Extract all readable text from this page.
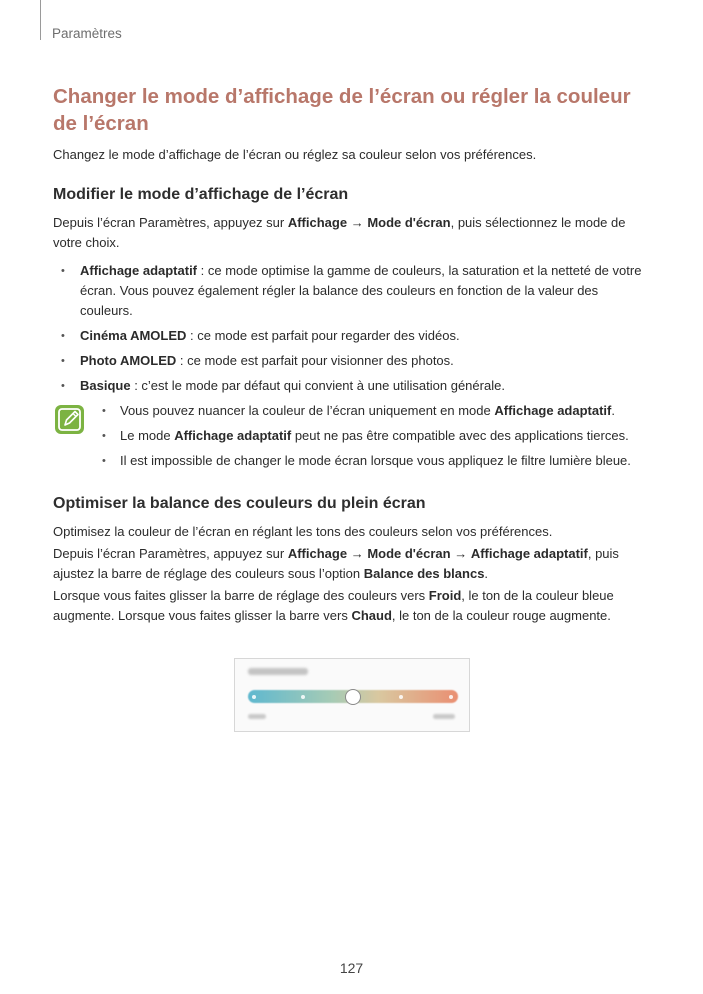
Paramètres
Changer le mode d’affichage de l’écran ou régler la couleur de l’écran

Changez le mode d’affichage de l’écran ou réglez sa couleur selon vos préférences.

Modifier le mode d’affichage de l’écran

Depuis l’écran Paramètres, appuyez sur Affichage → Mode d'écran, puis sélectionnez le mode de votre choix.

• Affichage adaptatif : ce mode optimise la gamme de couleurs, la saturation et la netteté de votre écran. Vous pouvez également régler la balance des couleurs en fonction de la valeur des couleurs.
• Cinéma AMOLED : ce mode est parfait pour regarder des vidéos.
• Photo AMOLED : ce mode est parfait pour visionner des photos.
• Basique : c’est le mode par défaut qui convient à une utilisation générale.
• Vous pouvez nuancer la couleur de l’écran uniquement en mode Affichage adaptatif.
• Le mode Affichage adaptatif peut ne pas être compatible avec des applications tierces.
• Il est impossible de changer le mode écran lorsque vous appliquez le filtre lumière bleue.
Optimiser la balance des couleurs du plein écran

Optimisez la couleur de l’écran en réglant les tons des couleurs selon vos préférences.

Depuis l’écran Paramètres, appuyez sur Affichage → Mode d'écran → Affichage adaptatif, puis ajustez la barre de réglage des couleurs sous l’option Balance des blancs.

Lorsque vous faites glisser la barre de réglage des couleurs vers Froid, le ton de la couleur bleue augmente. Lorsque vous faites glisser la barre vers Chaud, le ton de la couleur rouge augmente.

127
